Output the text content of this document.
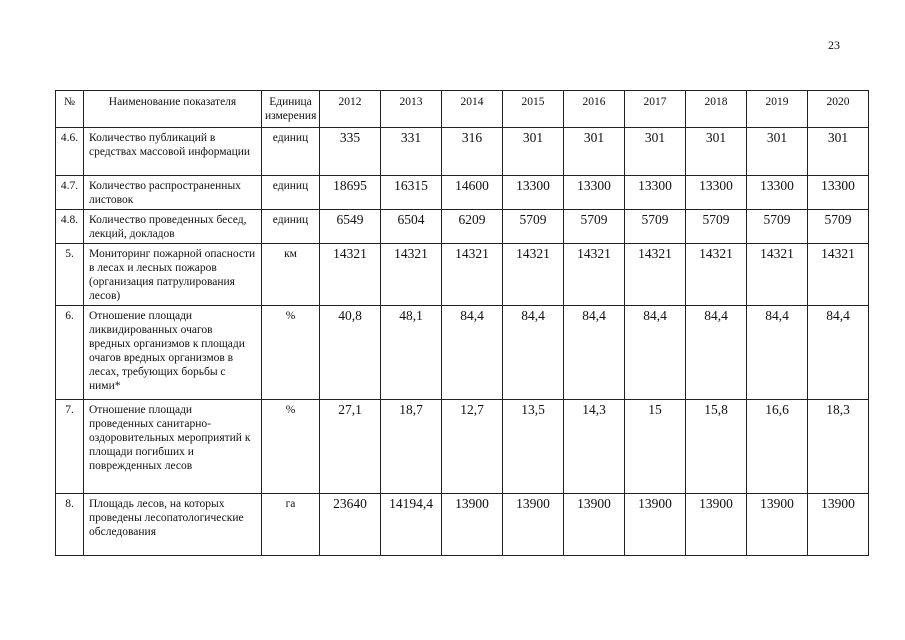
23
№	Наименование показателя	Единица измерения	2012	2013	2014	2015	2016	2017	2018	2019	2020
4.6.	Количество публикаций в средствах массовой информации	единиц	335	331	316	301	301	301	301	301	301
4.7.	Количество распространенных листовок	единиц	18695	16315	14600	13300	13300	13300	13300	13300	13300
4.8.	Количество проведенных бесед, лекций, докладов	единиц	6549	6504	6209	5709	5709	5709	5709	5709	5709
5.	Мониторинг пожарной опасности в лесах и лесных пожаров (организация патрулирования лесов)	км	14321	14321	14321	14321	14321	14321	14321	14321	14321
6.	Отношение площади ликвидированных очагов вредных организмов к площади очагов вредных организмов в лесах, требующих борьбы с ними*	%	40,8	48,1	84,4	84,4	84,4	84,4	84,4	84,4	84,4
7.	Отношение площади проведенных санитарно-оздоровительных мероприятий к площади погибших и поврежденных лесов	%	27,1	18,7	12,7	13,5	14,3	15	15,8	16,6	18,3
8.	Площадь лесов, на которых проведены лесопатологические обследования	га	23640	14194,4	13900	13900	13900	13900	13900	13900	13900
